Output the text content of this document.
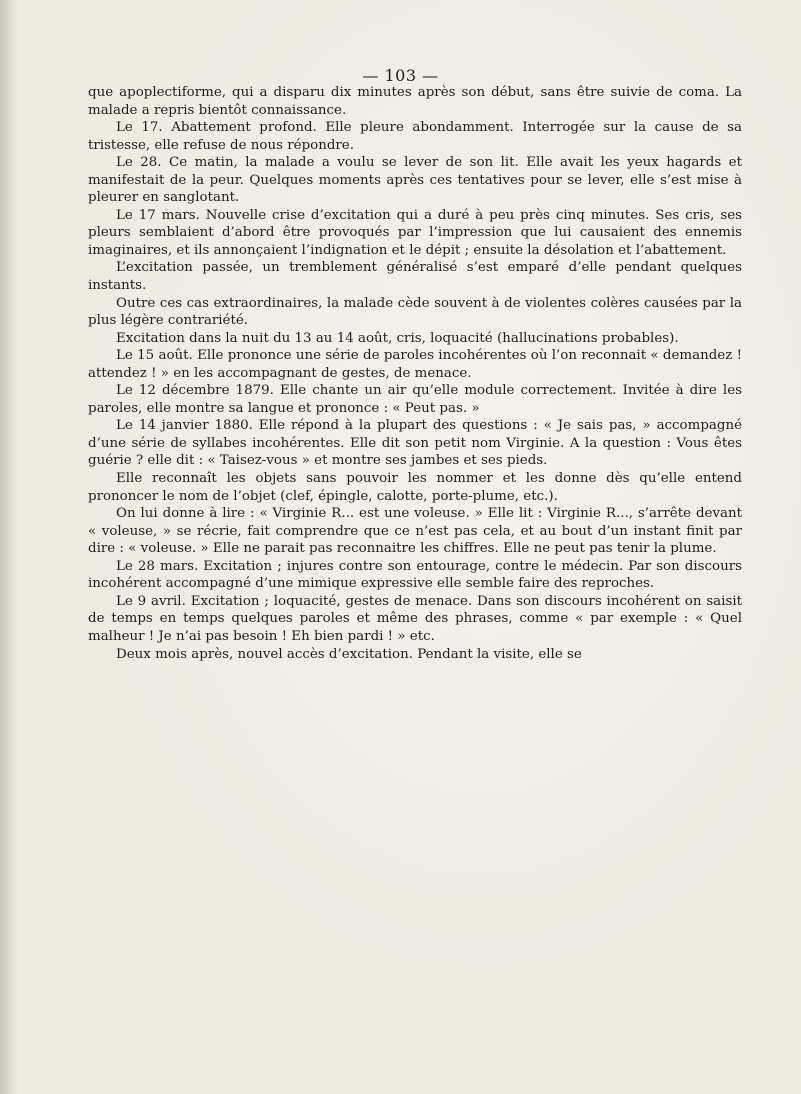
— 103 —

que apoplectiforme, qui a disparu dix minutes après son début, sans être suivie de coma. La malade a repris bientôt connaissance.

Le 17. Abattement profond. Elle pleure abondamment. Interrogée sur la cause de sa tristesse, elle refuse de nous répondre.

Le 28. Ce matin, la malade a voulu se lever de son lit. Elle avait les yeux hagards et manifestait de la peur. Quelques moments après ces tentatives pour se lever, elle s’est mise à pleurer en sanglotant.

Le 17 mars. Nouvelle crise d’excitation qui a duré à peu près cinq minutes. Ses cris, ses pleurs semblaient d’abord être provoqués par l’impression que lui causaient des ennemis imaginaires, et ils annonçaient l’indignation et le dépit ; ensuite la désolation et l’abattement.

L’excitation passée, un tremblement généralisé s’est emparé d’elle pendant quelques instants.

Outre ces cas extraordinaires, la malade cède souvent à de violentes colères causées par la plus légère contrariété.

Excitation dans la nuit du 13 au 14 août, cris, loquacité (hallucinations probables).

Le 15 août. Elle prononce une série de paroles incohérentes où l’on reconnait « demandez ! attendez ! » en les accompagnant de gestes, de menace.

Le 12 décembre 1879. Elle chante un air qu’elle module correctement. Invitée à dire les paroles, elle montre sa langue et prononce : « Peut pas. »

Le 14 janvier 1880. Elle répond à la plupart des questions : « Je sais pas, » accompagné d’une série de syllabes incohérentes. Elle dit son petit nom Virginie. A la question : Vous êtes guérie ? elle dit : « Taisez-vous » et montre ses jambes et ses pieds.

Elle reconnaît les objets sans pouvoir les nommer et les donne dès qu’elle entend prononcer le nom de l’objet (clef, épingle, calotte, porte-plume, etc.).

On lui donne à lire : « Virginie R... est une voleuse. » Elle lit : Virginie R..., s’arrête devant « voleuse, » se récrie, fait comprendre que ce n’est pas cela, et au bout d’un instant finit par dire : « voleuse. » Elle ne parait pas reconnaitre les chiffres. Elle ne peut pas tenir la plume.

Le 28 mars. Excitation ; injures contre son entourage, contre le médecin. Par son discours incohérent accompagné d’une mimique expressive elle semble faire des reproches.

Le 9 avril. Excitation ; loquacité, gestes de menace. Dans son discours incohérent on saisit de temps en temps quelques paroles et même des phrases, comme « par exemple : « Quel malheur ! Je n’ai pas besoin ! Eh bien pardi ! » etc.

Deux mois après, nouvel accès d’excitation. Pendant la visite, elle se
